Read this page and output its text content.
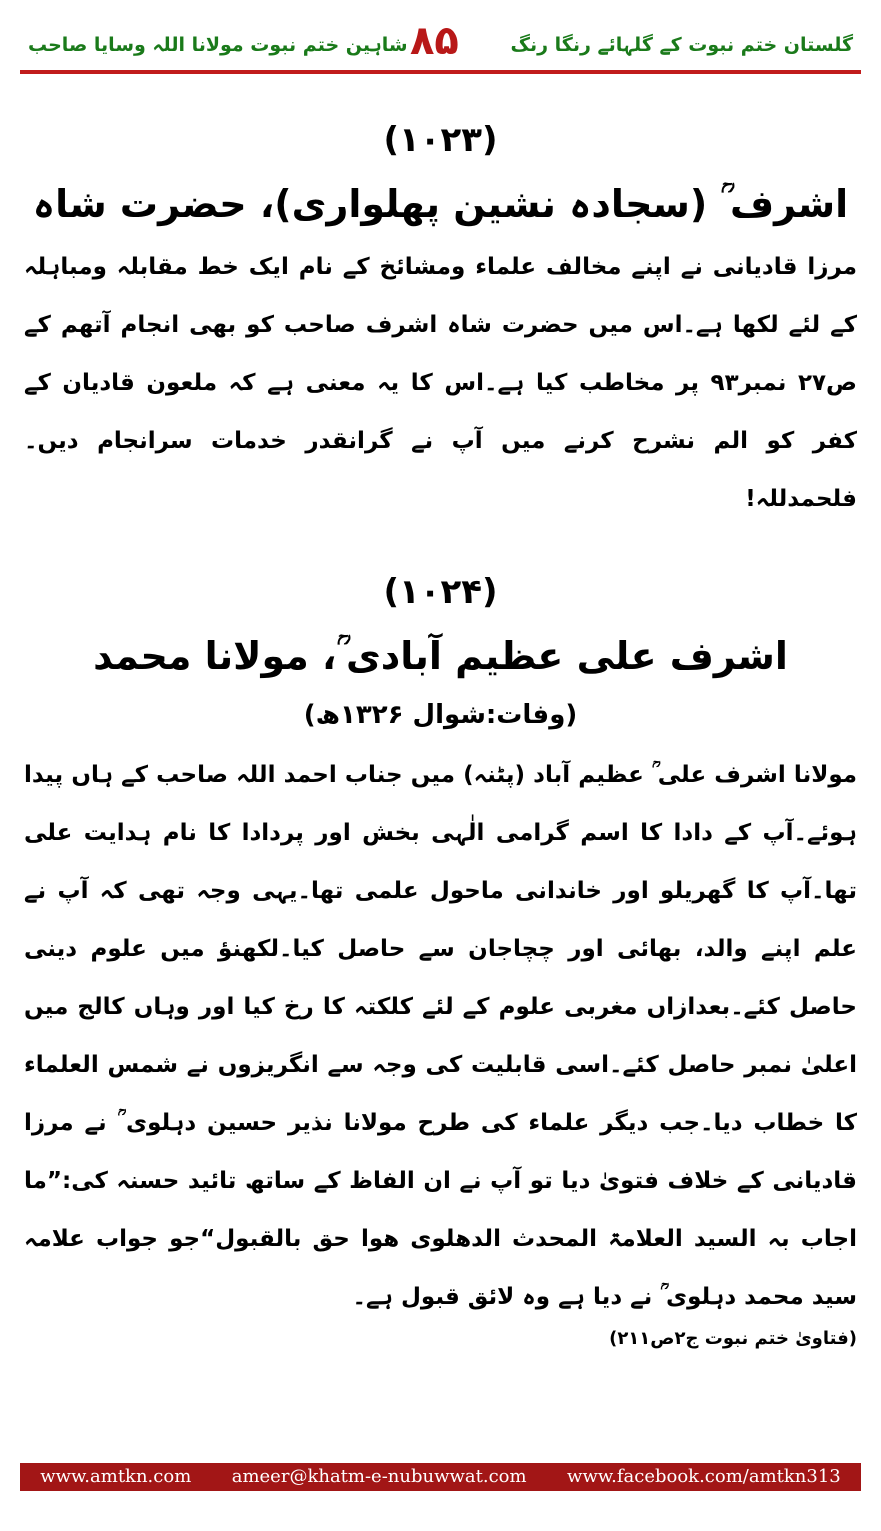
شاہین ختم نبوت مولانا اللہ وسایا صاحب ۸۵	گلستان ختم نبوت کے گلہائے رنگا رنگ

(۱۰۲۳)

اشرف ؒ (سجادہ نشین پھلواری)، حضرت شاہ

مرزا قادیانی نے اپنے مخالف علماء ومشائخ کے نام ایک خط مقابلہ ومباہلہ کے لئے لکھا ہے۔اس میں حضرت شاہ اشرف صاحب کو بھی انجام آتھم کے ص۲۷ نمبر۹۳ پر مخاطب کیا ہے۔اس کا یہ معنی ہے کہ ملعون قادیان کے کفر کو الم نشرح کرنے میں آپ نے گرانقدر خدمات سرانجام دیں۔ فلحمدللہ!

(۱۰۲۴)

اشرف علی عظیم آبادی ؒ، مولانا محمد

(وفات:شوال ۱۳۲۶ھ)

مولانا اشرف علی ؒ عظیم آباد (پٹنہ) میں جناب احمد اللہ صاحب کے ہاں پیدا ہوئے۔آپ کے دادا کا اسم گرامی الٰہی بخش اور پردادا کا نام ہدایت علی تھا۔آپ کا گھریلو اور خاندانی ماحول علمی تھا۔یہی وجہ تھی کہ آپ نے علم اپنے والد، بھائی اور چچاجان سے حاصل کیا۔لکھنؤ میں علوم دینی حاصل کئے۔بعدازاں مغربی علوم کے لئے کلکتہ کا رخ کیا اور وہاں کالج میں اعلیٰ نمبر حاصل کئے۔اسی قابلیت کی وجہ سے انگریزوں نے شمس العلماء کا خطاب دیا۔جب دیگر علماء کی طرح مولانا نذیر حسین دہلوی ؒ نے مرزا قادیانی کے خلاف فتویٰ دیا تو آپ نے ان الفاظ کے ساتھ تائید حسنہ کی:”ما اجاب بہ السید العلامۃ المحدث الدھلوی ھوا حق بالقبول“جو جواب علامہ سید محمد دہلوی ؒ نے دیا ہے وہ لائق قبول ہے۔

(فتاویٰ ختم نبوت ج۲ص۲۱۱)

www.amtkn.com	ameer@khatm-e-nubuwwat.com	www.facebook.com/amtkn313
